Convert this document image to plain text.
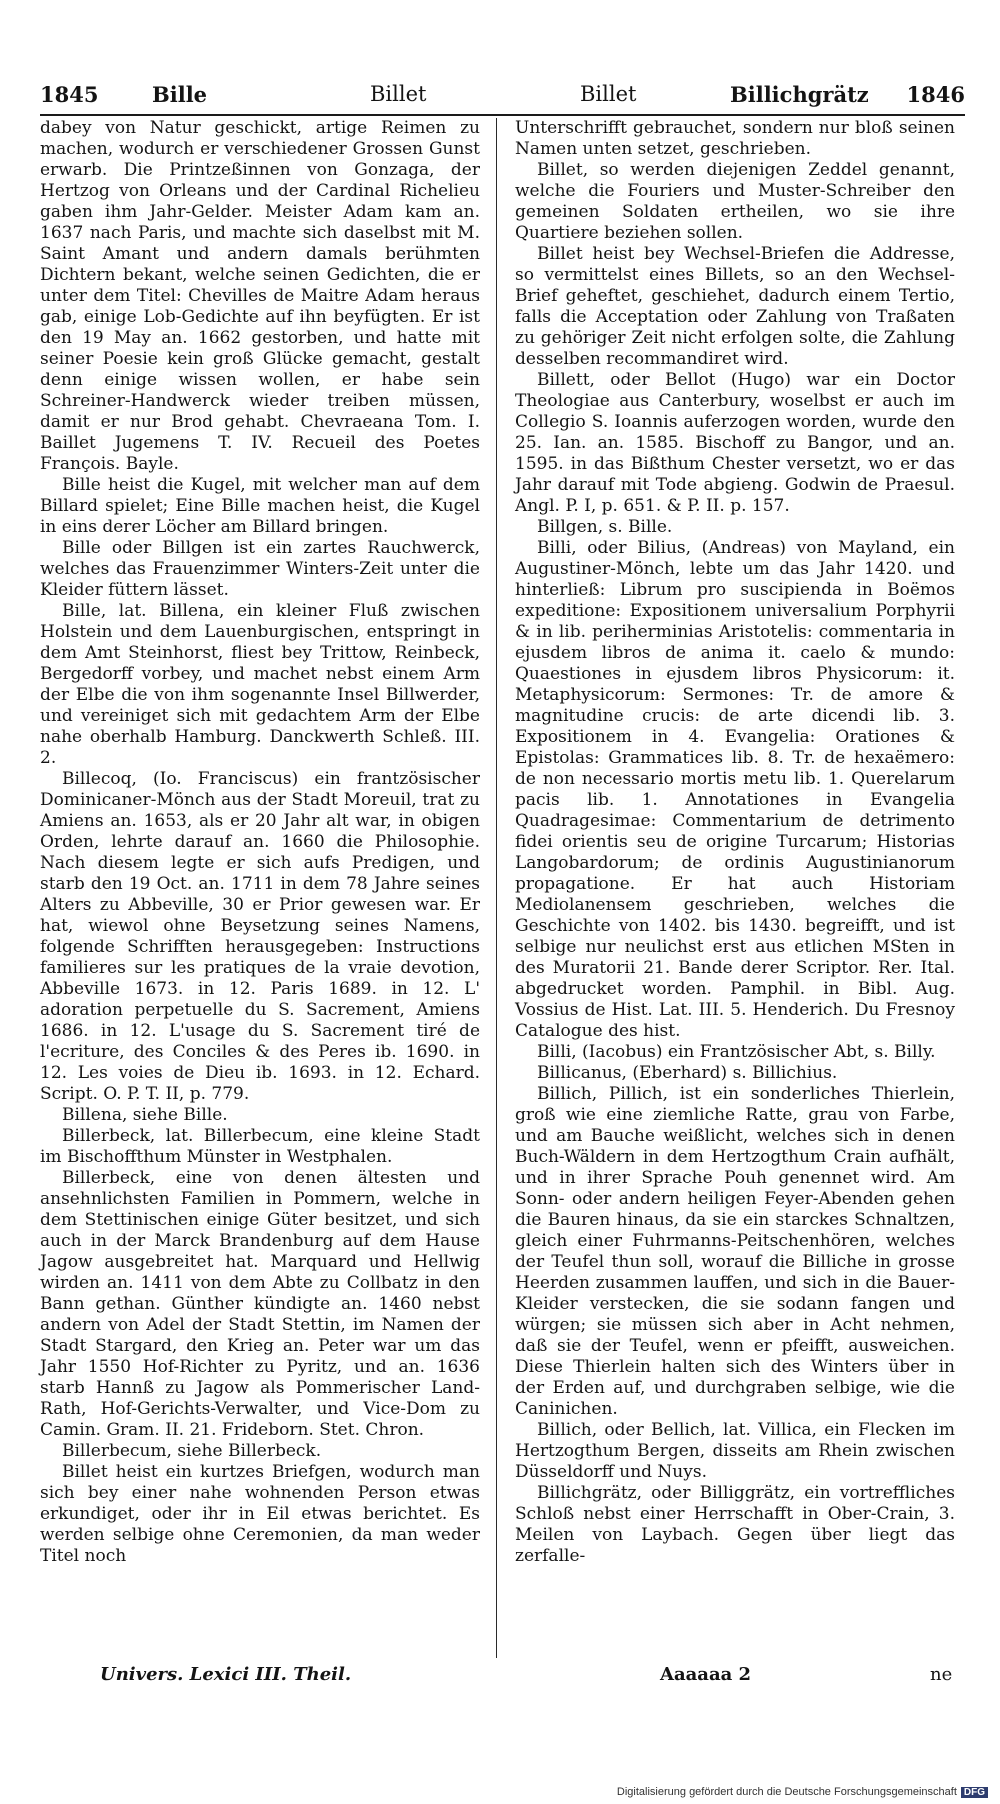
1845	Bille	Billet	Billet	Billichgrätz 1846

dabey von Natur geschickt, artige Reimen zu machen, wodurch er verschiedener Grossen Gunst erwarb. Die Printzeßinnen von Gonzaga, der Hertzog von Orleans und der Cardinal Richelieu gaben ihm Jahr-Gelder. Meister Adam kam an. 1637 nach Paris, und machte sich daselbst mit M. Saint Amant und andern damals berühmten Dichtern bekant, welche seinen Gedichten, die er unter dem Titel: Chevilles de Maitre Adam heraus gab, einige Lob-Gedichte auf ihn beyfügten. Er ist den 19 May an. 1662 gestorben, und hatte mit seiner Poesie kein groß Glücke gemacht, gestalt denn einige wissen wollen, er habe sein Schreiner-Handwerck wieder treiben müssen, damit er nur Brod gehabt. Chevraeana Tom. I. Baillet Jugemens T. IV. Recueil des Poetes François. Bayle.

Bille heist die Kugel, mit welcher man auf dem Billard spielet; Eine Bille machen heist, die Kugel in eins derer Löcher am Billard bringen.

Bille oder Billgen ist ein zartes Rauchwerck, welches das Frauenzimmer Winters-Zeit unter die Kleider füttern lässet.

Bille, lat. Billena, ein kleiner Fluß zwischen Holstein und dem Lauenburgischen, entspringt in dem Amt Steinhorst, fliest bey Trittow, Reinbeck, Bergedorff vorbey, und machet nebst einem Arm der Elbe die von ihm sogenannte Insel Billwerder, und vereiniget sich mit gedachtem Arm der Elbe nahe oberhalb Hamburg. Danckwerth Schleß. III. 2.

Billecoq, (Io. Franciscus) ein frantzösischer Dominicaner-Mönch aus der Stadt Moreuil, trat zu Amiens an. 1653, als er 20 Jahr alt war, in obigen Orden, lehrte darauf an. 1660 die Philosophie. Nach diesem legte er sich aufs Predigen, und starb den 19 Oct. an. 1711 in dem 78 Jahre seines Alters zu Abbeville, 30 er Prior gewesen war. Er hat, wiewol ohne Beysetzung seines Namens, folgende Schrifften herausgegeben: Instructions familieres sur les pratiques de la vraie devotion, Abbeville 1673. in 12. Paris 1689. in 12. L' adoration perpetuelle du S. Sacrement, Amiens 1686. in 12. L'usage du S. Sacrement tiré de l'ecriture, des Conciles & des Peres ib. 1690. in 12. Les voies de Dieu ib. 1693. in 12. Echard. Script. O. P. T. II, p. 779.

Billena, siehe Bille.

Billerbeck, lat. Billerbecum, eine kleine Stadt im Bischoffthum Münster in Westphalen.

Billerbeck, eine von denen ältesten und ansehnlichsten Familien in Pommern, welche in dem Stettinischen einige Güter besitzet, und sich auch in der Marck Brandenburg auf dem Hause Jagow ausgebreitet hat. Marquard und Hellwig wirden an. 1411 von dem Abte zu Collbatz in den Bann gethan. Günther kündigte an. 1460 nebst andern von Adel der Stadt Stettin, im Namen der Stadt Stargard, den Krieg an. Peter war um das Jahr 1550 Hof-Richter zu Pyritz, und an. 1636 starb Hannß zu Jagow als Pommerischer Land-Rath, Hof-Gerichts-Verwalter, und Vice-Dom zu Camin. Gram. II. 21. Frideborn. Stet. Chron.

Billerbecum, siehe Billerbeck.

Billet heist ein kurtzes Briefgen, wodurch man sich bey einer nahe wohnenden Person etwas erkundiget, oder ihr in Eil etwas berichtet. Es werden selbige ohne Ceremonien, da man weder Titel noch

Unterschrifft gebrauchet, sondern nur bloß seinen Namen unten setzet, geschrieben.

Billet, so werden diejenigen Zeddel genannt, welche die Fouriers und Muster-Schreiber den gemeinen Soldaten ertheilen, wo sie ihre Quartiere beziehen sollen.

Billet heist bey Wechsel-Briefen die Addresse, so vermittelst eines Billets, so an den Wechsel-Brief geheftet, geschiehet, dadurch einem Tertio, falls die Acceptation oder Zahlung von Traßaten zu gehöriger Zeit nicht erfolgen solte, die Zahlung desselben recommandiret wird.

Billett, oder Bellot (Hugo) war ein Doctor Theologiae aus Canterbury, woselbst er auch im Collegio S. Ioannis auferzogen worden, wurde den 25. Ian. an. 1585. Bischoff zu Bangor, und an. 1595. in das Bißthum Chester versetzt, wo er das Jahr darauf mit Tode abgieng. Godwin de Praesul. Angl. P. I, p. 651. & P. II. p. 157.

Billgen, s. Bille.

Billi, oder Bilius, (Andreas) von Mayland, ein Augustiner-Mönch, lebte um das Jahr 1420. und hinterließ: Librum pro suscipienda in Boëmos expeditione: Expositionem universalium Porphyrii & in lib. periherminias Aristotelis: commentaria in ejusdem libros de anima it. caelo & mundo: Quaestiones in ejusdem libros Physicorum: it. Metaphysicorum: Sermones: Tr. de amore & magnitudine crucis: de arte dicendi lib. 3. Expositionem in 4. Evangelia: Orationes & Epistolas: Grammatices lib. 8. Tr. de hexaëmero: de non necessario mortis metu lib. 1. Querelarum pacis lib. 1. Annotationes in Evangelia Quadragesimae: Commentarium de detrimento fidei orientis seu de origine Turcarum; Historias Langobardorum; de ordinis Augustinianorum propagatione. Er hat auch Historiam Mediolanensem geschrieben, welches die Geschichte von 1402. bis 1430. begreifft, und ist selbige nur neulichst erst aus etlichen MSten in des Muratorii 21. Bande derer Scriptor. Rer. Ital. abgedrucket worden. Pamphil. in Bibl. Aug. Vossius de Hist. Lat. III. 5. Henderich. Du Fresnoy Catalogue des hist.

Billi, (Iacobus) ein Frantzösischer Abt, s. Billy.

Billicanus, (Eberhard) s. Billichius.

Billich, Pillich, ist ein sonderliches Thierlein, groß wie eine ziemliche Ratte, grau von Farbe, und am Bauche weißlicht, welches sich in denen Buch-Wäldern in dem Hertzogthum Crain aufhält, und in ihrer Sprache Pouh genennet wird. Am Sonn- oder andern heiligen Feyer-Abenden gehen die Bauren hinaus, da sie ein starckes Schnaltzen, gleich einer Fuhrmanns-Peitschenhören, welches der Teufel thun soll, worauf die Billiche in grosse Heerden zusammen lauffen, und sich in die Bauer-Kleider verstecken, die sie sodann fangen und würgen; sie müssen sich aber in Acht nehmen, daß sie der Teufel, wenn er pfeifft, ausweichen. Diese Thierlein halten sich des Winters über in der Erden auf, und durchgraben selbige, wie die Caninichen.

Billich, oder Bellich, lat. Villica, ein Flecken im Hertzogthum Bergen, disseits am Rhein zwischen Düsseldorff und Nuys.

Billichgrätz, oder Billiggrätz, ein vortreffliches Schloß nebst einer Herrschafft in Ober-Crain, 3. Meilen von Laybach. Gegen über liegt das zerfalle-

Univers. Lexici III. Theil.	Aaaaaa 2	ne
Digitalisierung gefördert durch die Deutsche Forschungsgemeinschaft DFG
